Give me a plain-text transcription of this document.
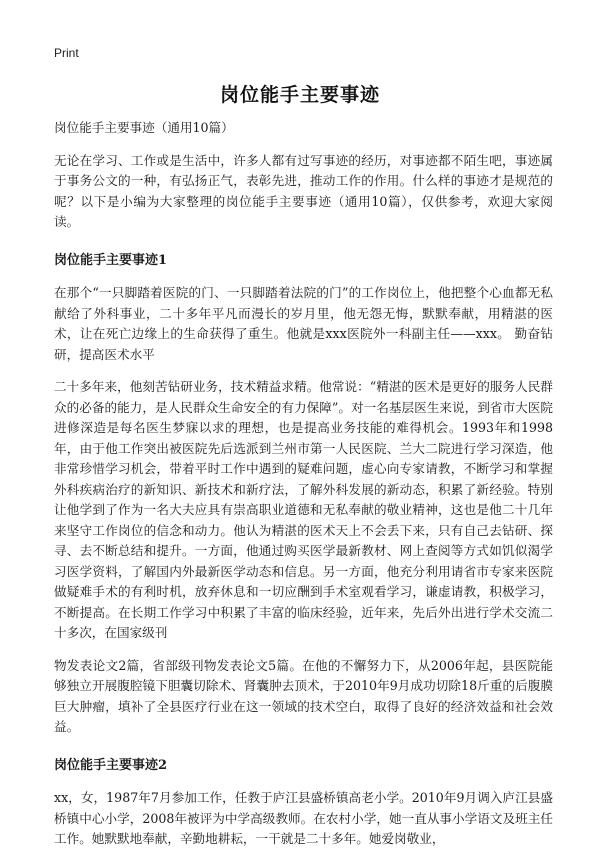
Print
岗位能手主要事迹

岗位能手主要事迹（通用10篇）

无论在学习、工作或是生活中，许多人都有过写事迹的经历，对事迹都不陌生吧，事迹属于事务公文的一种，有弘扬正气，表彰先进，推动工作的作用。什么样的事迹才是规范的呢？以下是小编为大家整理的岗位能手主要事迹（通用10篇），仅供参考，欢迎大家阅读。

岗位能手主要事迹1

在那个“一只脚踏着医院的门、一只脚踏着法院的门”的工作岗位上，他把整个心血都无私献给了外科事业，二十多年平凡而漫长的岁月里，他无怨无悔，默默奉献，用精湛的医术，让在死亡边缘上的生命获得了重生。他就是xxx医院外一科副主任——xxx。 勤奋钻研，提高医术水平

二十多年来，他刻苦钻研业务，技术精益求精。他常说：“精湛的医术是更好的服务人民群众的必备的能力，是人民群众生命安全的有力保障”。对一名基层医生来说，到省市大医院进修深造是每名医生梦寐以求的理想，也是提高业务技能的难得机会。1993年和1998年，由于他工作突出被医院先后选派到兰州市第一人民医院、兰大二院进行学习深造，他非常珍惜学习机会，带着平时工作中遇到的疑难问题，虚心向专家请教，不断学习和掌握外科疾病治疗的新知识、新技术和新疗法，了解外科发展的新动态，积累了新经验。特别让他学到了作为一名大夫应具有崇高职业道德和无私奉献的敬业精神，这也是他二十几年来坚守工作岗位的信念和动力。他认为精湛的医术天上不会丢下来，只有自己去钻研、探寻、去不断总结和提升。一方面，他通过购买医学最新教材、网上查阅等方式如饥似渴学习医学资料，了解国内外最新医学动态和信息。另一方面，他充分利用请省市专家来医院做疑难手术的有利时机，放弃休息和一切应酬到手术室观看学习，谦虚请教，积极学习，不断提高。在长期工作学习中积累了丰富的临床经验，近年来，先后外出进行学术交流二十多次，在国家级刊

物发表论文2篇，省部级刊物发表论文5篇。在他的不懈努力下，从2006年起，县医院能够独立开展腹腔镜下胆囊切除术、肾囊肿去顶术，于2010年9月成功切除18斤重的后腹膜巨大肿瘤，填补了全县医疗行业在这一领域的技术空白，取得了良好的经济效益和社会效益。

岗位能手主要事迹2

xx，女，1987年7月参加工作，任教于庐江县盛桥镇高老小学。2010年9月调入庐江县盛桥镇中心小学，2008年被评为中学高级教师。在农村小学，她一直从事小学语文及班主任工作。她默默地奉献，辛勤地耕耘，一干就是二十多年。她爱岗敬业，
